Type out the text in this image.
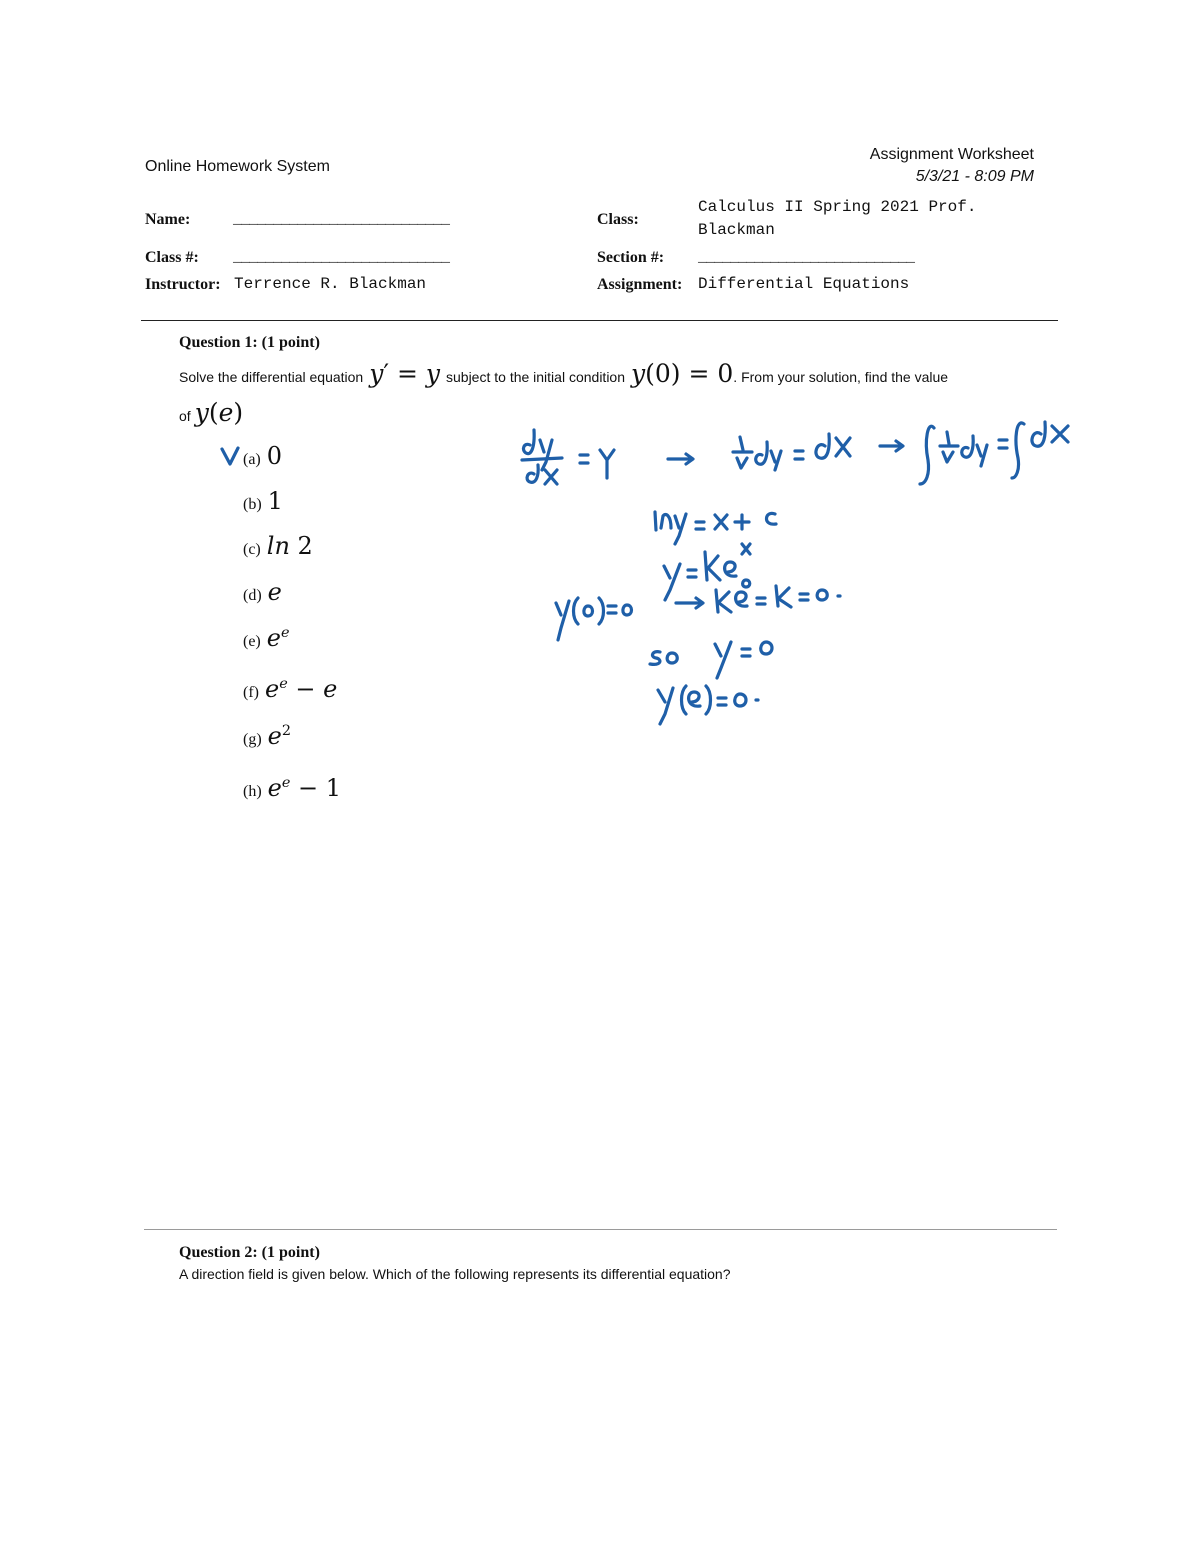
Online Homework System
Assignment Worksheet
5/3/21 - 8:09 PM
Name:	___________________________	Class:
Calculus II Spring 2021 Prof.
Blackman
Class #: ___________________________	Section #: ___________________________
Instructor: Terrence R. Blackman	Assignment: Differential Equations
Question 1: (1 point)
Solve the differential equation y′ = y subject to the initial condition y(0) = 0 . From your solution, find the value
of y(e)
(a) 0
(b) 1
(c) ln 2
(d) e
(e) $e^e$
(f) $e^e - e$
(g) $e^2$
(h) $e^e - 1$
Question 2: (1 point)
A direction field is given below. Which of the following represents its differential equation?
